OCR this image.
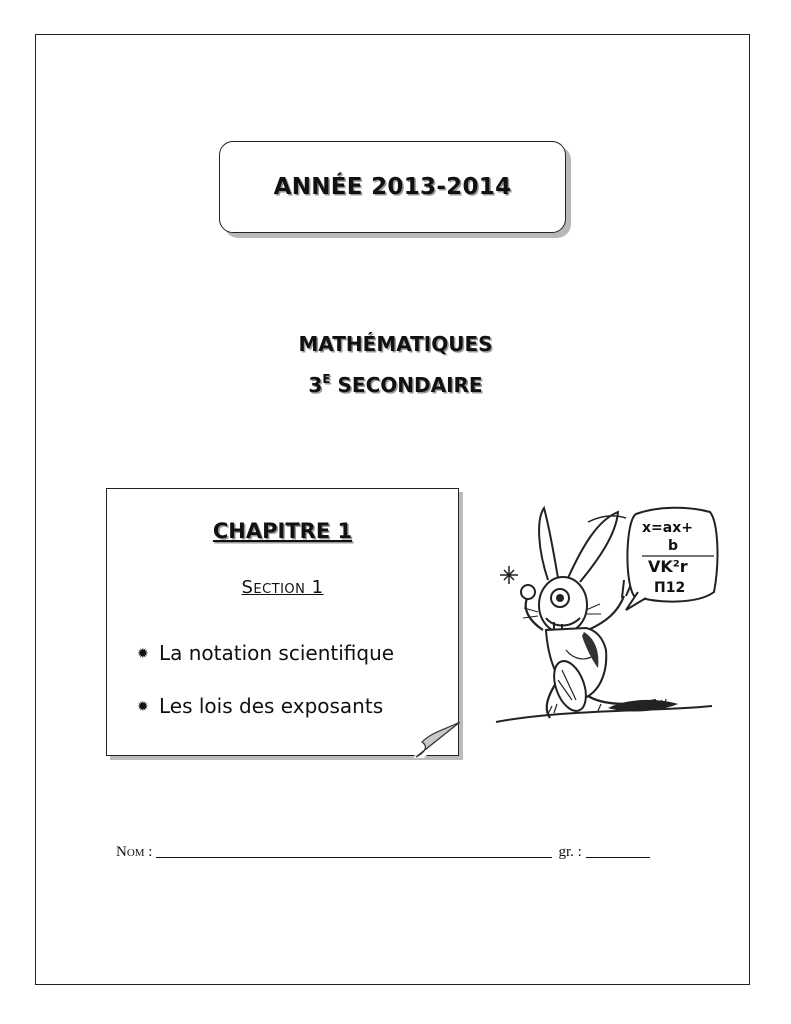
ANNÉE 2013-2014
MATHÉMATIQUES
$3^E$ SECONDAIRE
CHAPITRE 1
Section 1
✹ La notation scientifique
✹ Les lois des exposants
x=ax+
b
VK²r
Π12
Nom :	gr. :
